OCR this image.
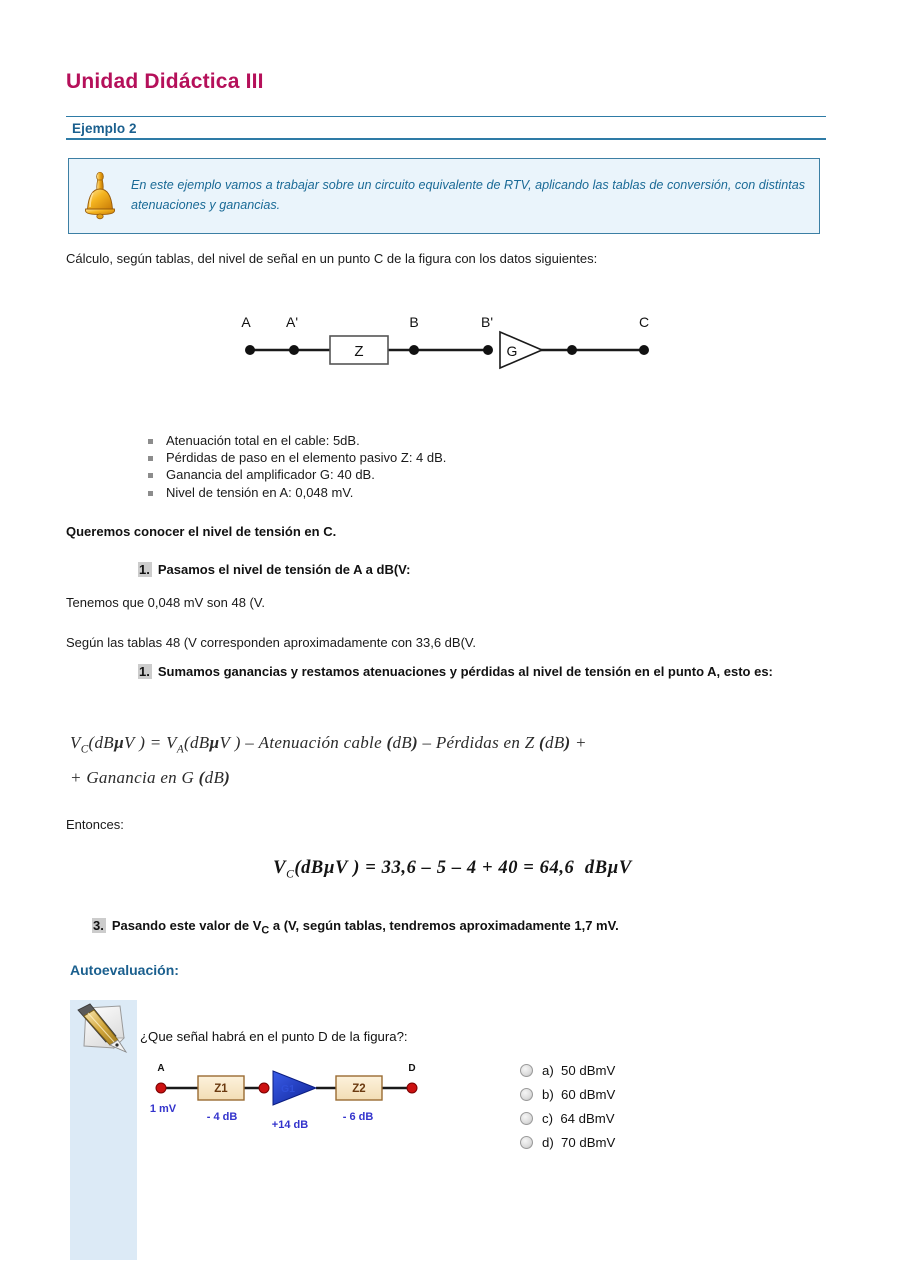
Unidad Didáctica III
Ejemplo 2
En este ejemplo vamos a trabajar sobre un circuito equivalente de RTV, aplicando las tablas de conversión, con distintas atenuaciones y ganancias.
Cálculo, según tablas, del nivel de señal en un punto C de la figura con los datos siguientes:
Z	G
A	A'	B	B'	C
Atenuación total en el cable: 5dB.
Pérdidas de paso en el elemento pasivo Z: 4 dB.
Ganancia del amplificador G: 40 dB.
Nivel de tensión en A: 0,048 mV.
Queremos conocer el nivel de tensión en C.
1. Pasamos el nivel de tensión de A a dB(V:
Tenemos que 0,048 mV son 48 (V.
Según las tablas 48 (V corresponden aproximadamente con 33,6 dB(V.
1. Sumamos ganancias y restamos atenuaciones y pérdidas al nivel de tensión en el punto A, esto es:
$V_C(dB\mu V$ ) = $V_A(dB\mu V$ ) – Atenuación cable (dB) – Pérdidas en Z (dB) +
+ Ganancia en G (dB)
Entonces:
$V_C(dB\mu V$ ) = 33,6 – 5 – 4 + 40 = 64,6 dBµV
3. Pasando este valor de $V_C$ a (V, según tablas, tendremos aproximadamente 1,7 mV.
Autoevaluación:
¿Que señal habrá en el punto D de la figura?:
Z1	G1	Z2
A	D
1 mV
- 4 dB
+14 dB
- 6 dB
a)  50 dBmV
b)  60 dBmV
c)  64 dBmV
d)  70 dBmV
